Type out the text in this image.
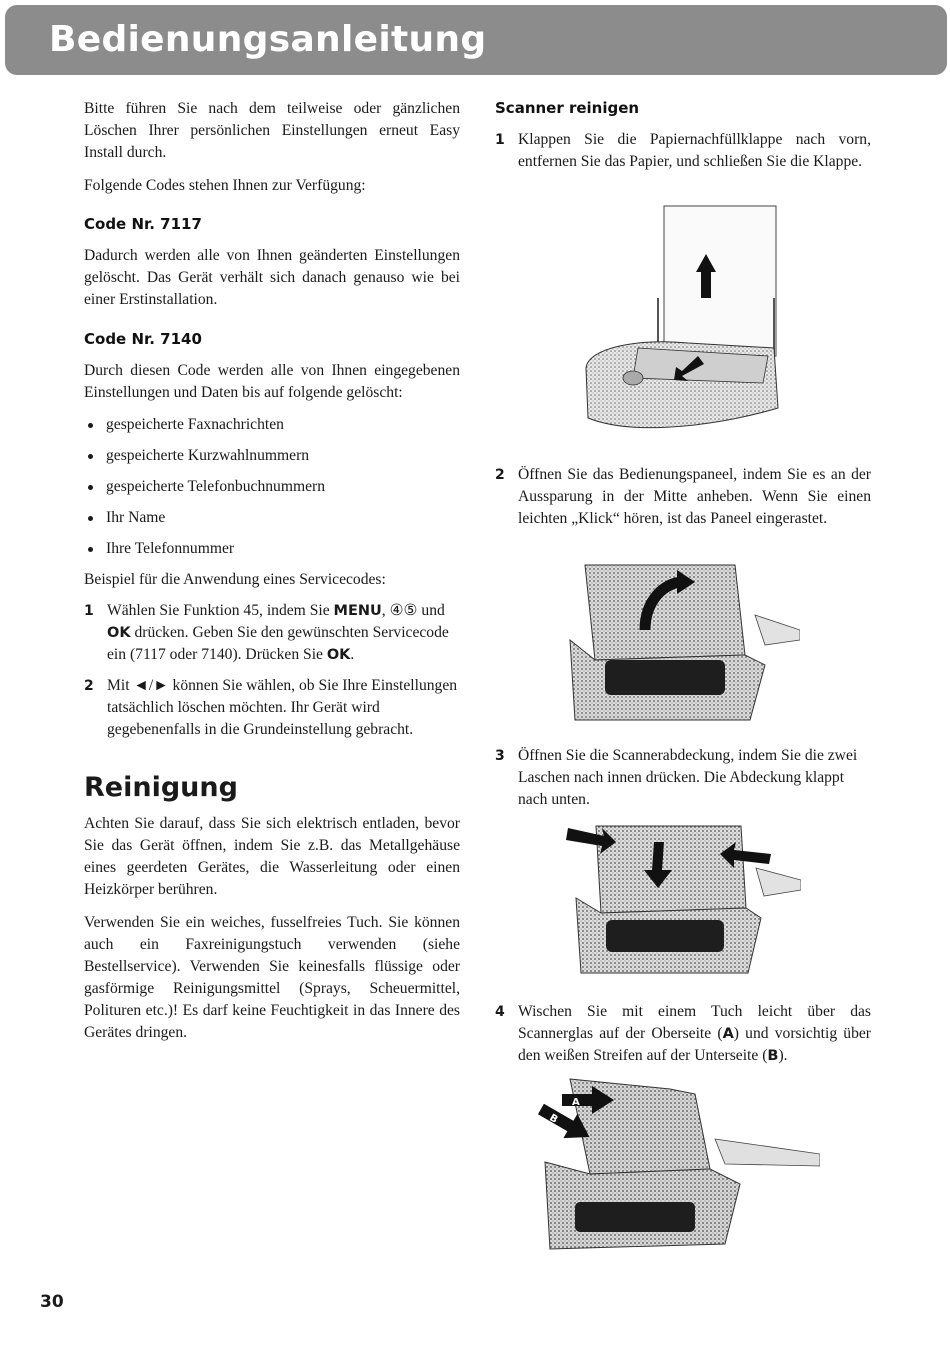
Bedienungsanleitung

Bitte führen Sie nach dem teilweise oder gänzlichen Löschen Ihrer persönlichen Einstellungen erneut Easy Install durch.

Folgende Codes stehen Ihnen zur Verfügung:

Code Nr. 7117

Dadurch werden alle von Ihnen geänderten Einstellungen gelöscht. Das Gerät verhält sich danach genauso wie bei einer Erstinstallation.

Code Nr. 7140

Durch diesen Code werden alle von Ihnen eingegebenen Einstellungen und Daten bis auf folgende gelöscht:

gespeicherte Faxnachrichten
gespeicherte Kurzwahlnummern
gespeicherte Telefonbuchnummern
Ihr Name
Ihre Telefonnummer

Beispiel für die Anwendung eines Servicecodes:

1 Wählen Sie Funktion 45, indem Sie MENU, ④⑤ und OK drücken. Geben Sie den gewünschten Servicecode ein (7117 oder 7140). Drücken Sie OK.
2 Mit ◄/► können Sie wählen, ob Sie Ihre Einstellungen tatsächlich löschen möchten. Ihr Gerät wird gegebenenfalls in die Grundeinstellung gebracht.
Reinigung

Achten Sie darauf, dass Sie sich elektrisch entladen, bevor Sie das Gerät öffnen, indem Sie z.B. das Metallgehäuse eines geerdeten Gerätes, die Wasserleitung oder einen Heizkörper berühren.

Verwenden Sie ein weiches, fusselfreies Tuch. Sie können auch ein Faxreinigungstuch verwenden (siehe Bestellservice). Verwenden Sie keinesfalls flüssige oder gasförmige Reinigungsmittel (Sprays, Scheuermittel, Polituren etc.)! Es darf keine Feuchtigkeit in das Innere des Gerätes dringen.

Scanner reinigen
1 Klappen Sie die Papiernachfüllklappe nach vorn, entfernen Sie das Papier, und schließen Sie die Klappe.
2 Öffnen Sie das Bedienungspaneel, indem Sie es an der Aussparung in der Mitte anheben. Wenn Sie einen leichten „Klick“ hören, ist das Paneel eingerastet.
3 Öffnen Sie die Scannerabdeckung, indem Sie die zwei Laschen nach innen drücken. Die Abdeckung klappt nach unten.
4 Wischen Sie mit einem Tuch leicht über das Scannerglas auf der Oberseite (A) und vorsichtig über den weißen Streifen auf der Unterseite (B).
A
B
30
